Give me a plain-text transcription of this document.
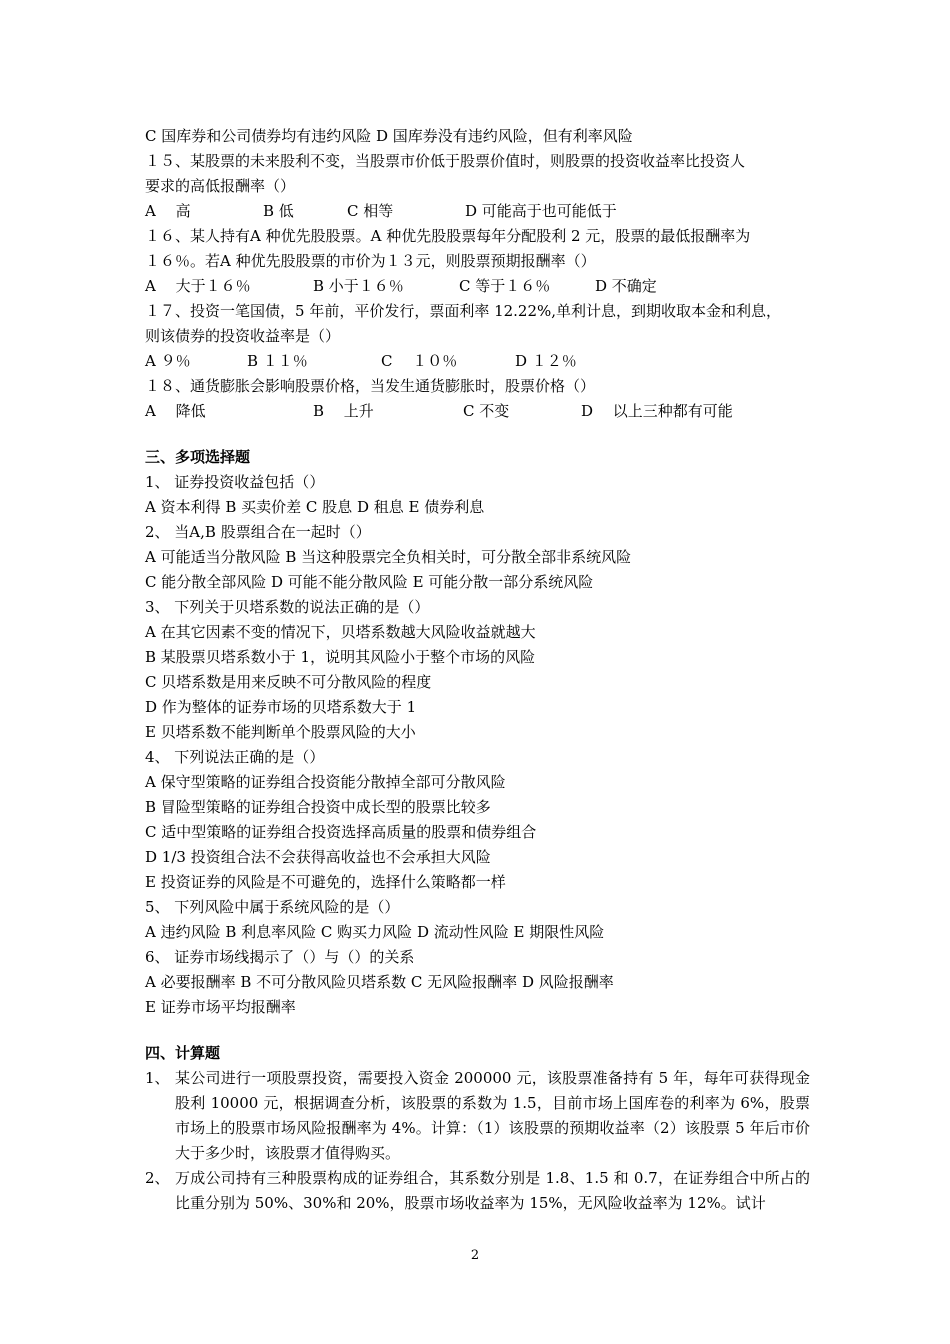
C 国库券和公司债券均有违约风险 D 国库券没有违约风险，但有利率风险
１５、某股票的未来股利不变，当股票市价低于股票价值时，则股票的投资收益率比投资人
要求的高低报酬率（）
A　 高	B 低	C 相等	D 可能高于也可能低于
１６、某人持有A 种优先股股票。A 种优先股股票每年分配股利 2 元，股票的最低报酬率为
１６％。若A 种优先股股票的市价为１３元，则股票预期报酬率（）
A　 大于１６％	B 小于１６％	C 等于１６％	D 不确定
１７、投资一笔国债，5 年前，平价发行，票面利率 12.22%,单利计息，到期收取本金和利息，
则该债券的投资收益率是（）
A ９％	B １１％	C　 １０％	D １２％
１８、通货膨胀会影响股票价格，当发生通货膨胀时，股票价格（）
A　 降低	B　 上升	C 不变	D　 以上三种都有可能
三、多项选择题
1、 证券投资收益包括（）
A 资本利得 B 买卖价差 C 股息 D 租息 E 债券利息
2、 当A,B 股票组合在一起时（）
A 可能适当分散风险 B 当这种股票完全负相关时，可分散全部非系统风险
C 能分散全部风险 D 可能不能分散风险 E 可能分散一部分系统风险
3、 下列关于贝塔系数的说法正确的是（）
A 在其它因素不变的情况下，贝塔系数越大风险收益就越大
B 某股票贝塔系数小于 1，说明其风险小于整个市场的风险
C 贝塔系数是用来反映不可分散风险的程度
D 作为整体的证券市场的贝塔系数大于 1
E 贝塔系数不能判断单个股票风险的大小
4、 下列说法正确的是（）
A 保守型策略的证券组合投资能分散掉全部可分散风险
B 冒险型策略的证券组合投资中成长型的股票比较多
C 适中型策略的证券组合投资选择高质量的股票和债券组合
D 1/3 投资组合法不会获得高收益也不会承担大风险
E 投资证券的风险是不可避免的，选择什么策略都一样
5、 下列风险中属于系统风险的是（）
A 违约风险 B 利息率风险 C 购买力风险 D 流动性风险 E 期限性风险
6、 证券市场线揭示了（）与（）的关系
A 必要报酬率 B 不可分散风险贝塔系数 C 无风险报酬率 D 风险报酬率
E 证券市场平均报酬率
四、计算题
1、 某公司进行一项股票投资，需要投入资金 200000 元，该股票准备持有 5 年，每年可获得现金股利 10000 元，根据调查分析，该股票的系数为 1.5，目前市场上国库卷的利率为 6%，股票市场上的股票市场风险报酬率为 4%。计算：（1）该股票的预期收益率（2）该股票 5 年后市价大于多少时，该股票才值得购买。
2、 万成公司持有三种股票构成的证券组合，其系数分别是 1.8、1.5 和 0.7，在证券组合中所占的比重分别为 50%、30%和 20%，股票市场收益率为 15%，无风险收益率为 12%。试计
2
